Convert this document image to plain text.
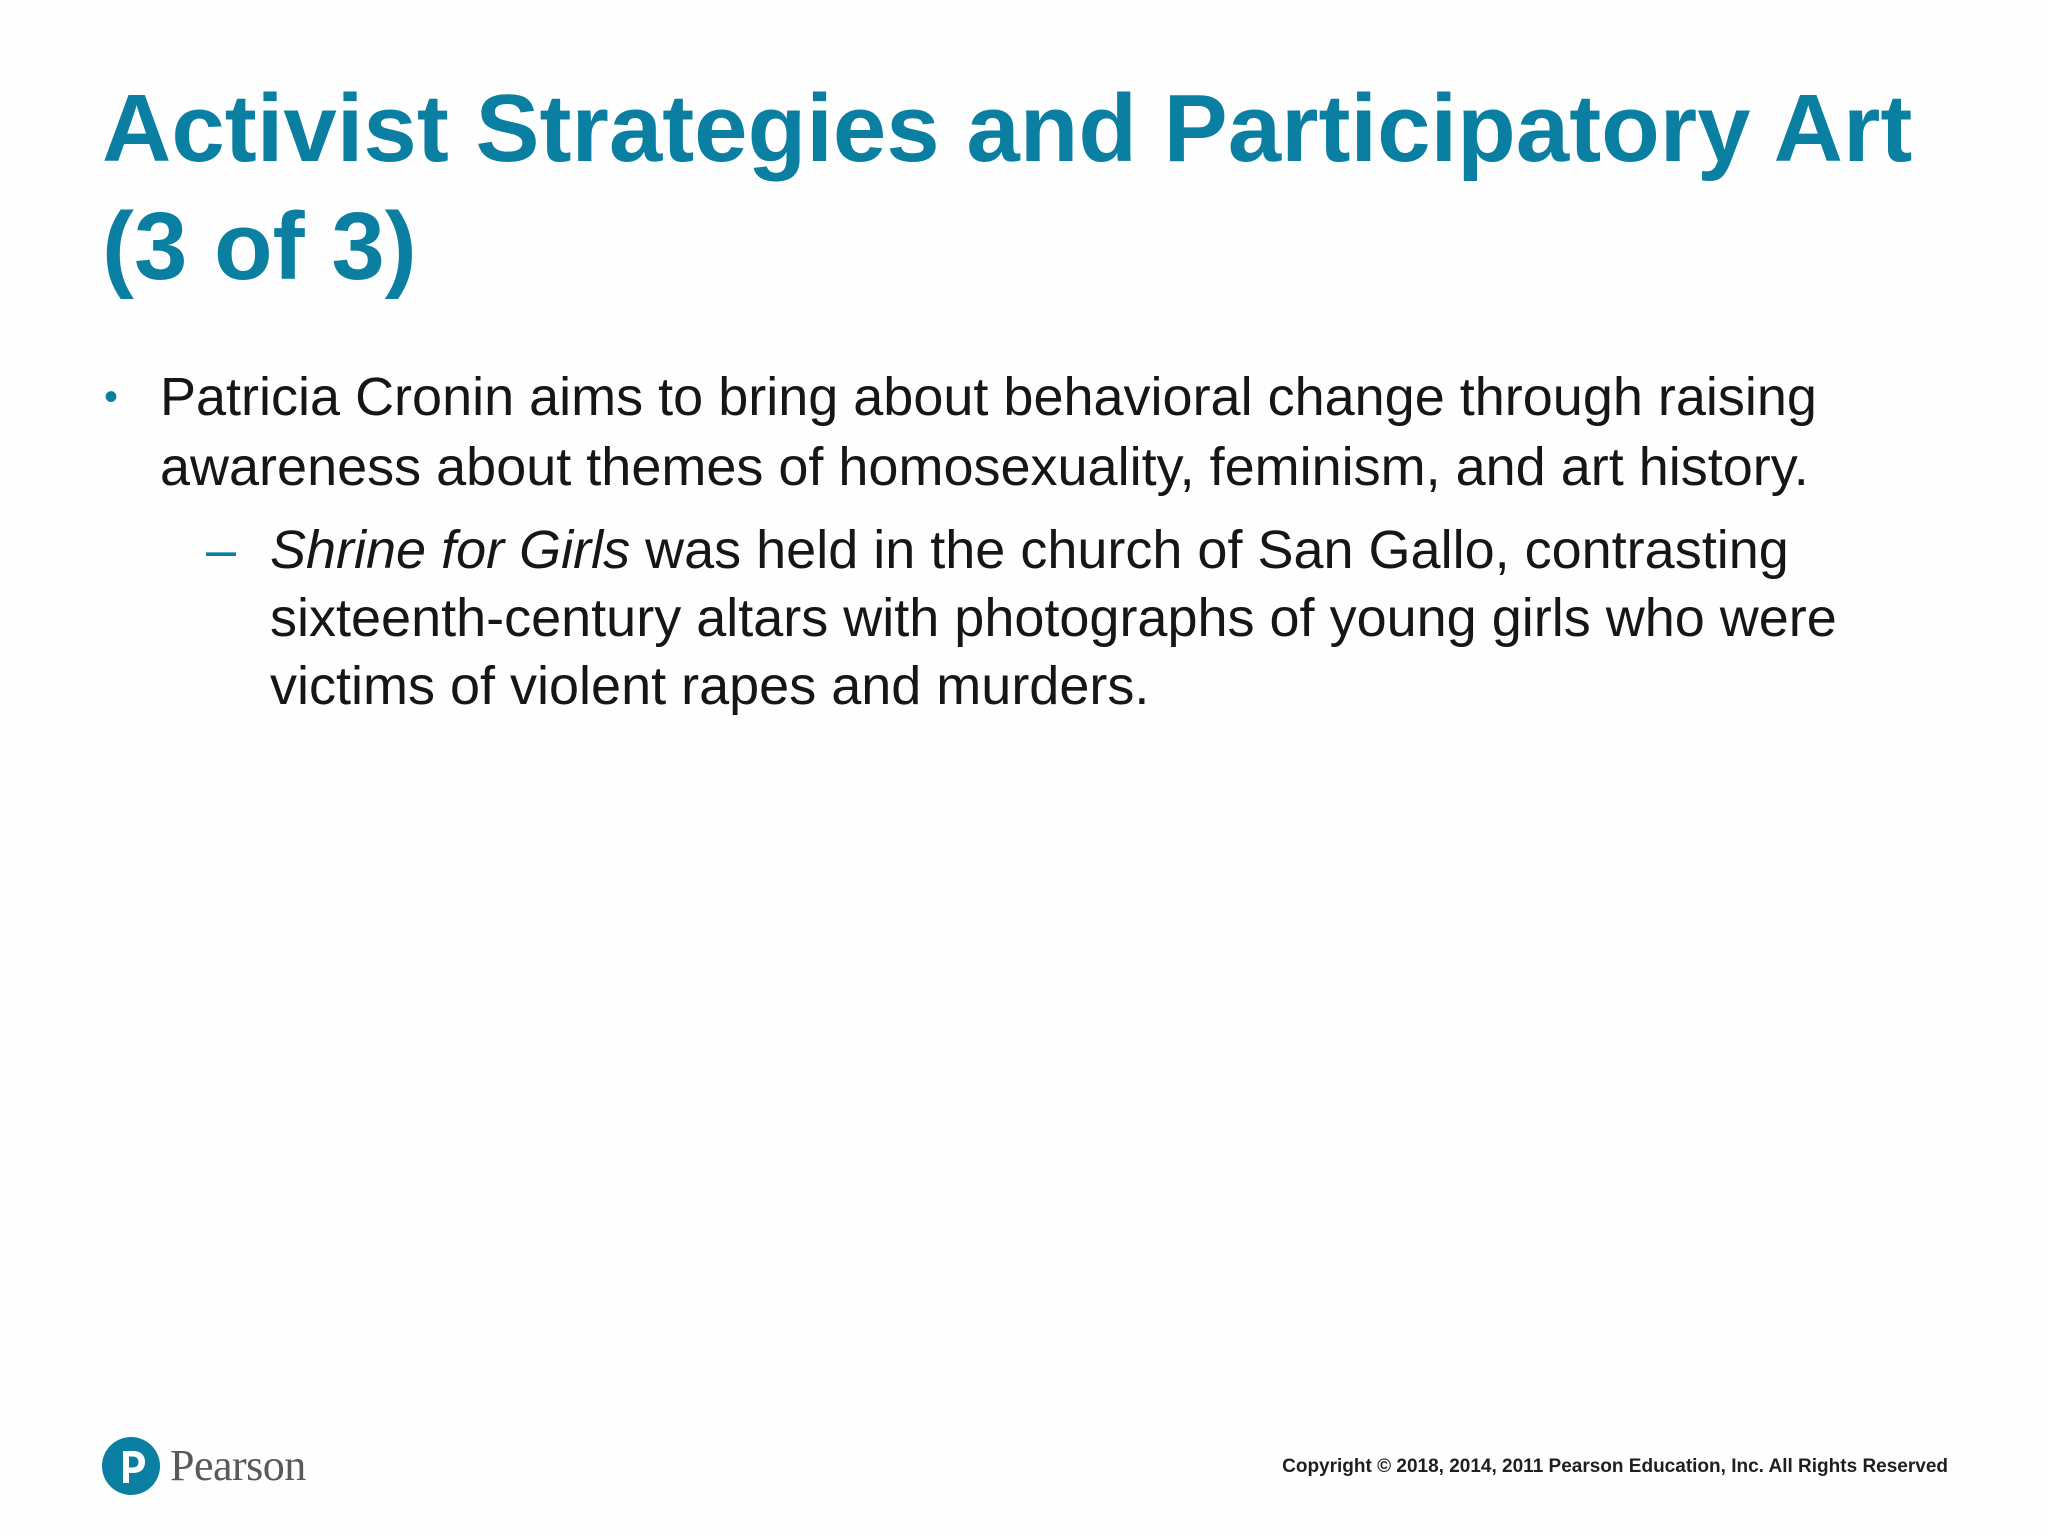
Activist Strategies and Participatory Art
(3 of 3)
• Patricia Cronin aims to bring about behavioral change through raising
awareness about themes of homosexuality, feminism, and art history.
– Shrine for Girls was held in the church of San Gallo, contrasting
sixteenth-century altars with photographs of young girls who were
victims of violent rapes and murders.
Pearson	Copyright © 2018, 2014, 2011 Pearson Education, Inc. All Rights Reserved
